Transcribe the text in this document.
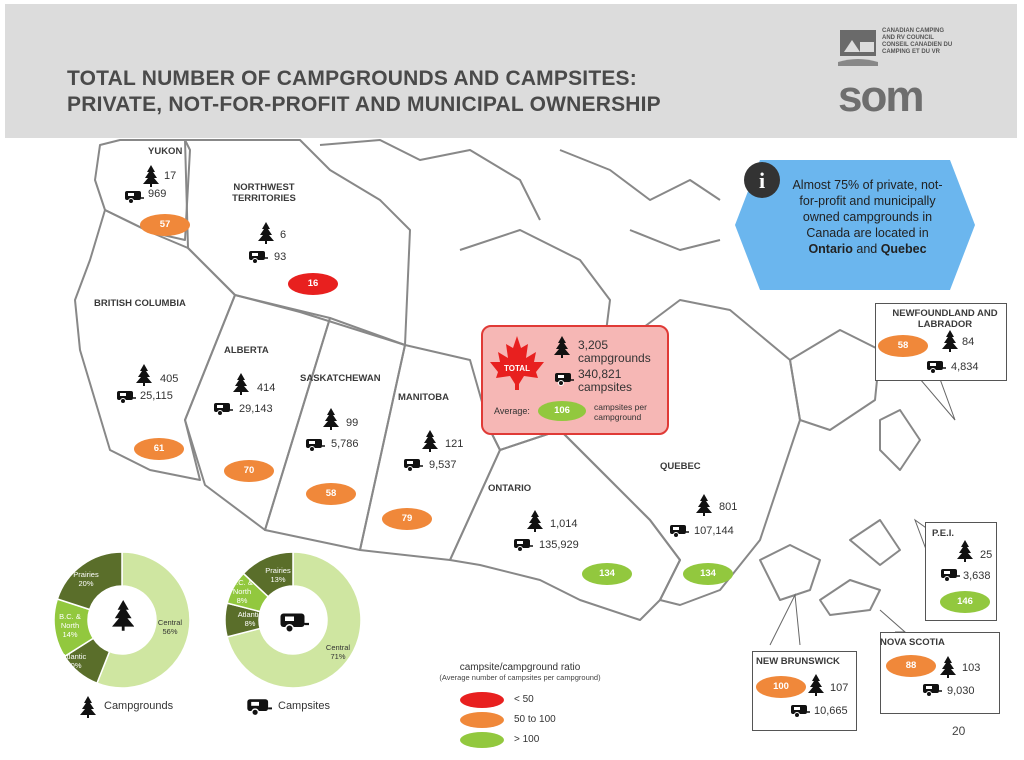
TOTAL NUMBER OF CAMPGROUNDS AND CAMPSITES:
PRIVATE, NOT-FOR-PROFIT AND MUNICIPAL OWNERSHIP
CANADIAN CAMPING
AND RV COUNCIL
CONSEIL CANADIEN DU
CAMPING ET DU VR
som
i Almost 75% of private, not-for-profit and municipally owned campgrounds in Canada are located in Ontario and Quebec
TOTAL
YUKON
17
969
57
NORTHWEST
TERRITORIES
6
93
16
BRITISH COLUMBIA
405
25,115
61
ALBERTA
414
29,143
70
SASKATCHEWAN
99
5,786
58
MANITOBA
121
9,537
79
ONTARIO
1,014
135,929
134
QUEBEC
801
107,144
134
NEWFOUNDLAND AND
LABRADOR
84
4,834
58
P.E.I.
25
3,638
146
NOVA SCOTIA
103
9,030
88
NEW BRUNSWICK
107
10,665
100
3,205
campgrounds
340,821
campsites
Average:	106	campsites per campground
< 50
50 to 100
> 100
Central
56%
Atlantic
10%
B.C. & North
14%
Prairies
20%
Central
71%
Atlantic
8%
B.C. & North
8%
Prairies
13%
Campgrounds	Campsites
campsite/campground ratio
(Average number of campsites per campground)
20
